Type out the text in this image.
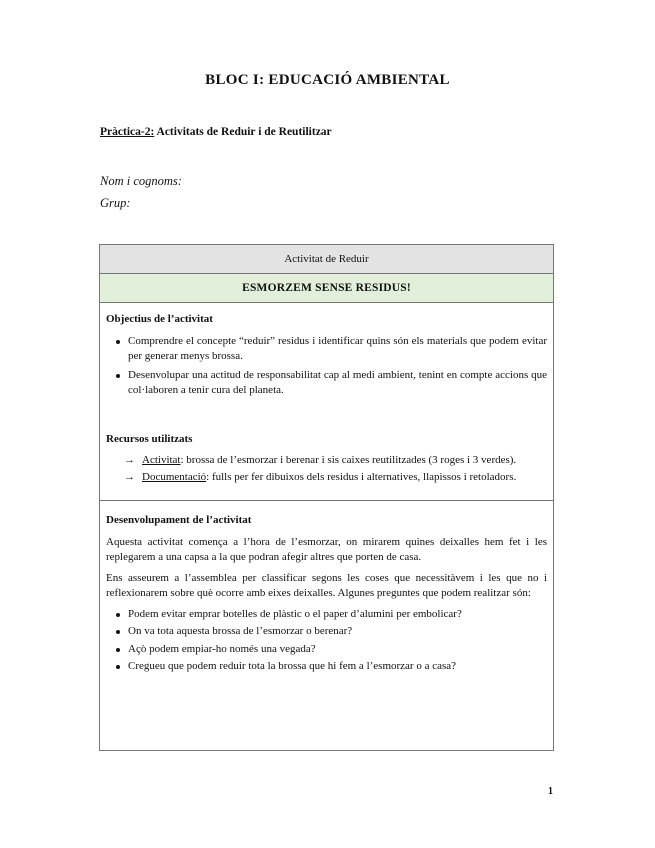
BLOC I: EDUCACIÓ AMBIENTAL
Pràctica-2: Activitats de Reduir i de Reutilitzar
Nom i cognoms:
Grup:
Activitat de Reduir
ESMORZEM SENSE RESIDUS!
Objectius de l’activitat
Comprendre el concepte “reduir” residus i identificar quins són els materials que podem evitar per generar menys brossa.
Desenvolupar una actitud de responsabilitat cap al medi ambient, tenint en compte accions que col·laboren a tenir cura del planeta.
Recursos utilitzats
→ Activitat: brossa de l’esmorzar i berenar i sis caixes reutilitzades (3 roges i 3 verdes).
→ Documentació: fulls per fer dibuixos dels residus i alternatives, llapissos i retoladors.
Desenvolupament de l’activitat

Aquesta activitat comença a l’hora de l’esmorzar, on mirarem quines deixalles hem fet i les replegarem a una capsa a la que podran afegir altres que porten de casa.

Ens asseurem a l’assemblea per classificar segons les coses que necessitàvem i les que no i reflexionarem sobre què ocorre amb eixes deixalles. Algunes preguntes que podem realitzar són:

Podem evitar emprar botelles de plàstic o el paper d’alumini per embolicar?
On va tota aquesta brossa de l’esmorzar o berenar?
Açò podem empiar-ho només una vegada?
Cregueu que podem reduir tota la brossa que hi fem a l’esmorzar o a casa?
1
